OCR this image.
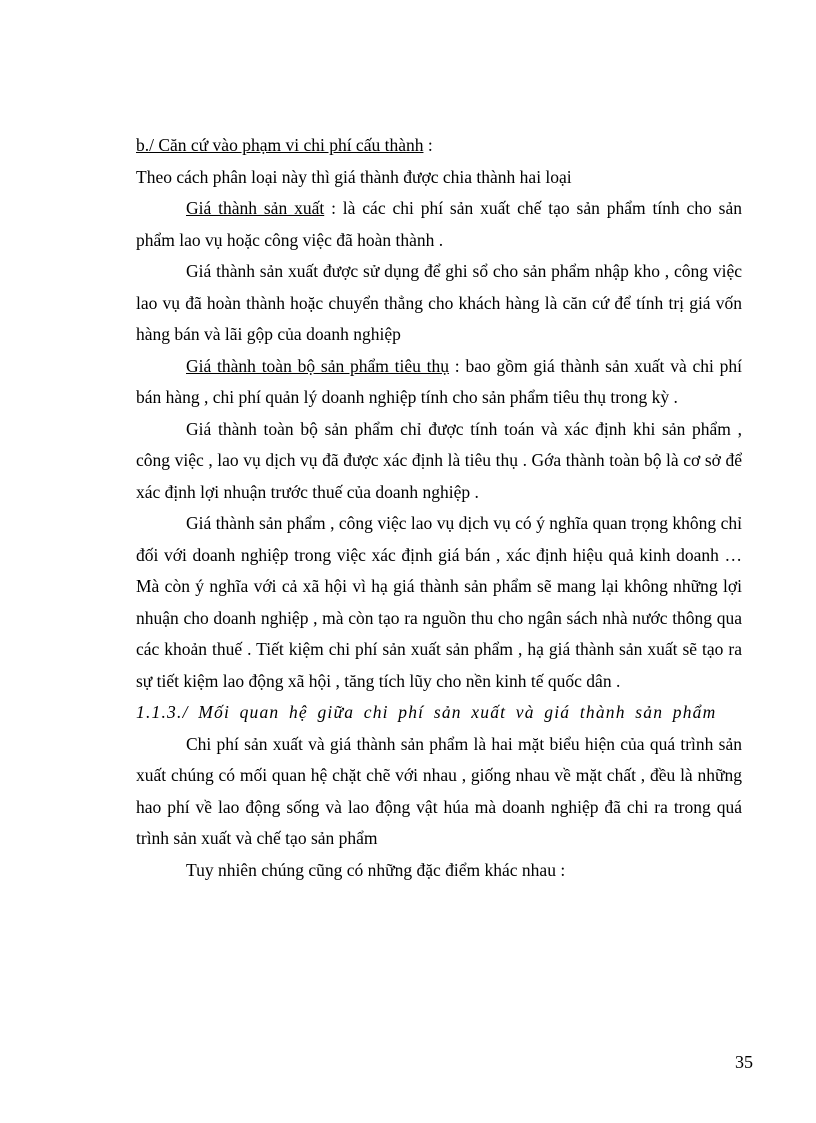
b./ Căn cứ vào phạm vi chi phí cấu thành :

Theo cách phân loại này thì giá thành được chia thành hai loại

Giá thành sản xuất : là các chi phí sản xuất chế tạo sản phẩm tính cho sản phẩm lao vụ hoặc công việc đã hoàn thành .

Giá thành sản xuất được sử dụng để ghi sổ cho sản phẩm nhập kho , công việc lao vụ đã hoàn thành hoặc chuyển thẳng cho khách hàng là căn cứ để tính trị giá vốn hàng bán và lãi gộp của doanh nghiệp

Giá thành toàn bộ sản phẩm tiêu thụ : bao gồm giá thành sản xuất và chi phí bán hàng , chi phí quản lý doanh nghiệp tính cho sản phẩm tiêu thụ trong kỳ .

Giá thành toàn bộ sản phẩm chỉ được tính toán và xác định khi sản phẩm , công việc , lao vụ dịch vụ đã được xác định là tiêu thụ . Gớa thành toàn bộ là cơ sở để xác định lợi nhuận trước thuế của doanh nghiệp .

Giá thành sản phẩm , công việc lao vụ dịch vụ có ý nghĩa quan trọng không chỉ đối với doanh nghiệp trong việc xác định giá bán , xác định hiệu quả kinh doanh … Mà còn ý nghĩa với cả xã hội vì hạ giá thành sản phẩm sẽ mang lại không những lợi nhuận cho doanh nghiệp , mà còn tạo ra nguồn thu cho ngân sách nhà nước thông qua các khoản thuế . Tiết kiệm chi phí sản xuất sản phẩm , hạ giá thành sản xuất sẽ tạo ra sự tiết kiệm lao động xã hội , tăng tích lũy cho nền kinh tế quốc dân .

1.1.3./ Mối quan hệ giữa chi phí sản xuất và giá thành sản phẩm

Chi phí sản xuất và giá thành sản phẩm là hai mặt biểu hiện của quá trình sản xuất chúng có mối quan hệ chặt chẽ với nhau , giống nhau về mặt chất , đều là những hao phí về lao động sống và lao động vật húa mà doanh nghiệp đã chi ra trong quá trình sản xuất và chế tạo sản phẩm

Tuy nhiên chúng cũng có những đặc điểm khác nhau :

35
